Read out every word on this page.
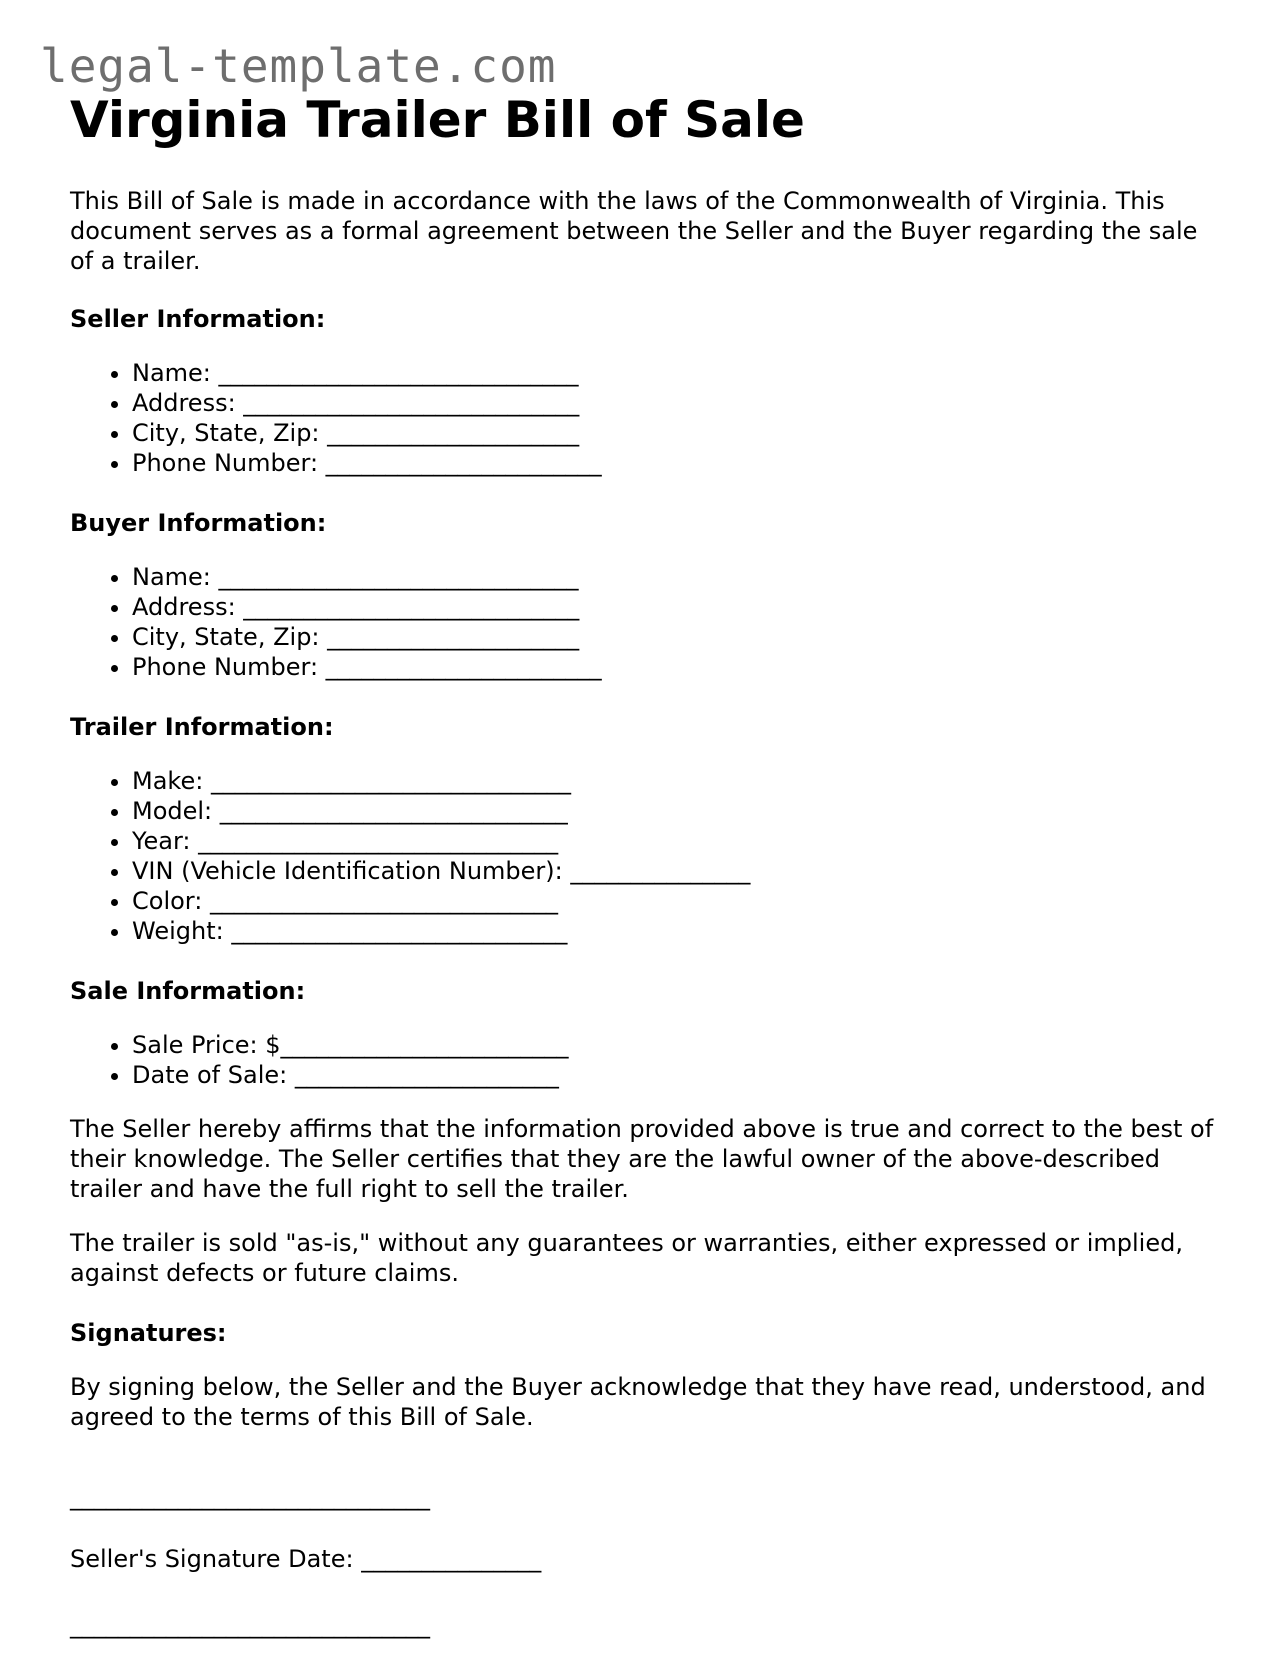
legal-template.com
Virginia Trailer Bill of Sale

This Bill of Sale is made in accordance with the laws of the Commonwealth of Virginia. This document serves as a formal agreement between the Seller and the Buyer regarding the sale of a trailer.

Seller Information:
• Name: ______________________________
• Address: ____________________________
• City, State, Zip: _____________________
• Phone Number: _______________________
Buyer Information:
• Name: ______________________________
• Address: ____________________________
• City, State, Zip: _____________________
• Phone Number: _______________________
Trailer Information:
• Make: ______________________________
• Model: _____________________________
• Year: ______________________________
• VIN (Vehicle Identification Number): _______________
• Color: _____________________________
• Weight: ____________________________
Sale Information:
• Sale Price: $________________________
• Date of Sale: ______________________

The Seller hereby affirms that the information provided above is true and correct to the best of their knowledge. The Seller certifies that they are the lawful owner of the above-described trailer and have the full right to sell the trailer.

The trailer is sold "as-is," without any guarantees or warranties, either expressed or implied, against defects or future claims.

Signatures:

By signing below, the Seller and the Buyer acknowledge that they have read, understood, and agreed to the terms of this Bill of Sale.

______________________________
Seller's Signature Date: _______________
______________________________
